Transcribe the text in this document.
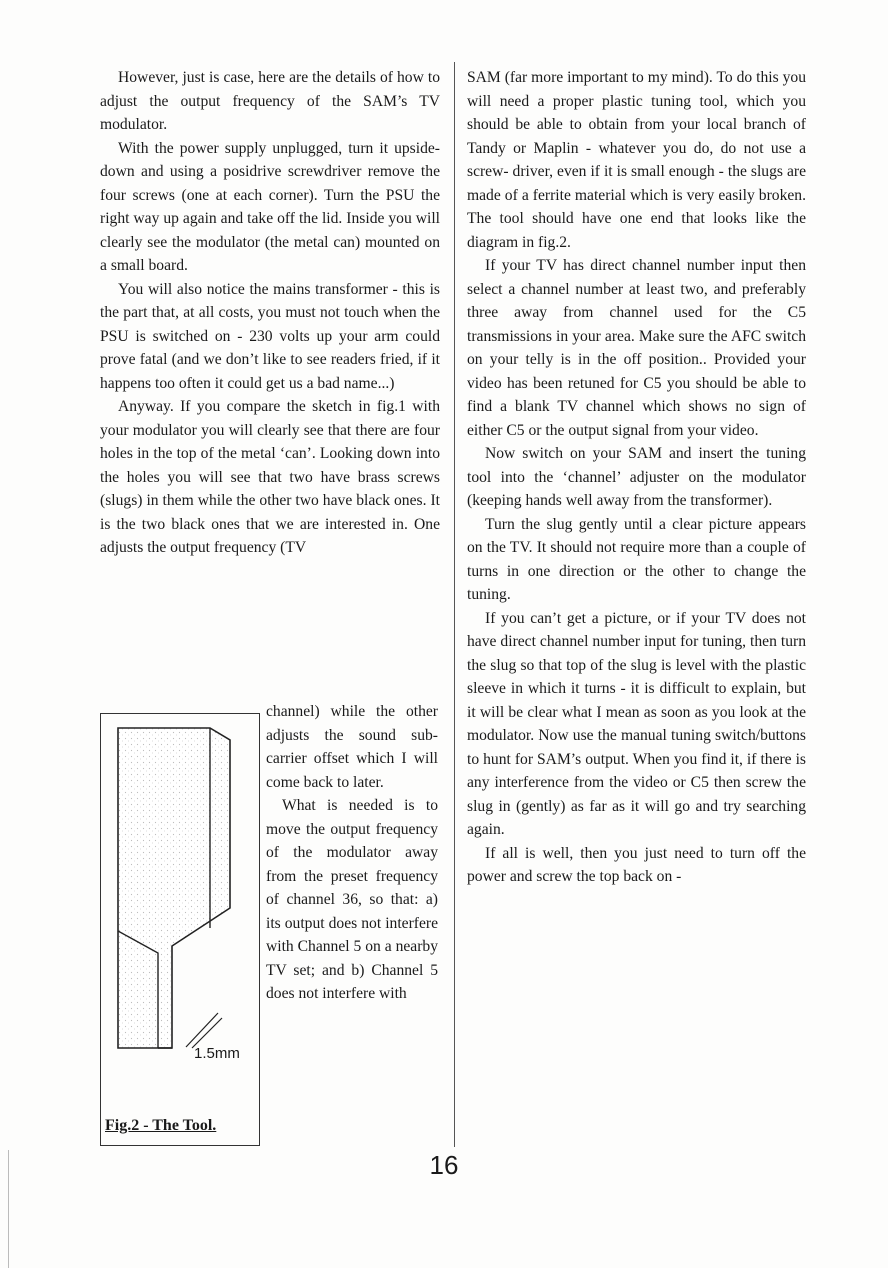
However, just is case, here are the details of how to adjust the output frequency of the SAM’s TV modulator.

With the power supply unplugged, turn it upside-down and using a posidrive screwdriver remove the four screws (one at each corner). Turn the PSU the right way up again and take off the lid. Inside you will clearly see the modulator (the metal can) mounted on a small board.

You will also notice the mains transformer - this is the part that, at all costs, you must not touch when the PSU is switched on - 230 volts up your arm could prove fatal (and we don’t like to see readers fried, if it happens too often it could get us a bad name...)

Anyway. If you compare the sketch in fig.1 with your modulator you will clearly see that there are four holes in the top of the metal ‘can’. Looking down into the holes you will see that two have brass screws (slugs) in them while the other two have black ones. It is the two black ones that we are interested in. One adjusts the output frequency (TV

1.5mm
Fig.2 - The Tool.

channel) while the other adjusts the sound sub-carrier offset which I will come back to later.

What is needed is to move the output frequency of the modulator away from the preset frequency of channel 36, so that: a) its output does not interfere with Channel 5 on a nearby TV set; and b) Channel 5 does not interfere with

SAM (far more important to my mind). To do this you will need a proper plastic tuning tool, which you should be able to obtain from your local branch of Tandy or Maplin - whatever you do, do not use a screw- driver, even if it is small enough - the slugs are made of a ferrite material which is very easily broken. The tool should have one end that looks like the diagram in fig.2.

If your TV has direct channel number input then select a channel number at least two, and preferably three away from channel used for the C5 transmissions in your area. Make sure the AFC switch on your telly is in the off position.. Provided your video has been retuned for C5 you should be able to find a blank TV channel which shows no sign of either C5 or the output signal from your video.

Now switch on your SAM and insert the tuning tool into the ‘channel’ adjuster on the modulator (keeping hands well away from the transformer).

Turn the slug gently until a clear picture appears on the TV. It should not require more than a couple of turns in one direction or the other to change the tuning.

If you can’t get a picture, or if your TV does not have direct channel number input for tuning, then turn the slug so that top of the slug is level with the plastic sleeve in which it turns - it is difficult to explain, but it will be clear what I mean as soon as you look at the modulator. Now use the manual tuning switch/buttons to hunt for SAM’s output. When you find it, if there is any interference from the video or C5 then screw the slug in (gently) as far as it will go and try searching again.

If all is well, then you just need to turn off the power and screw the top back on -

16
